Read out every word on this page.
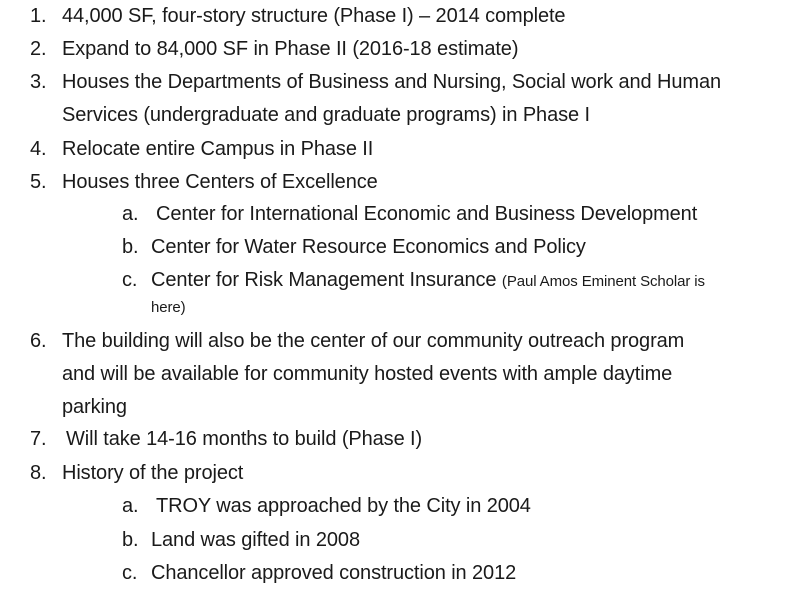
1. 44,000 SF, four-story structure (Phase I) – 2014 complete
2. Expand to 84,000 SF in Phase II (2016-18 estimate)
3. Houses the Departments of Business and Nursing, Social work and Human
Services (undergraduate and graduate programs) in Phase I
4. Relocate entire Campus in Phase II
5. Houses three Centers of Excellence
a. Center for International Economic and Business Development
b. Center for Water Resource Economics and Policy
c. Center for Risk Management Insurance (Paul Amos Eminent Scholar is
here)
6. The building will also be the center of our community outreach program
and will be available for community hosted events with ample daytime
parking
7. Will take 14-16 months to build (Phase I)
8. History of the project
a. TROY was approached by the City in 2004
b. Land was gifted in 2008
c. Chancellor approved construction in 2012
